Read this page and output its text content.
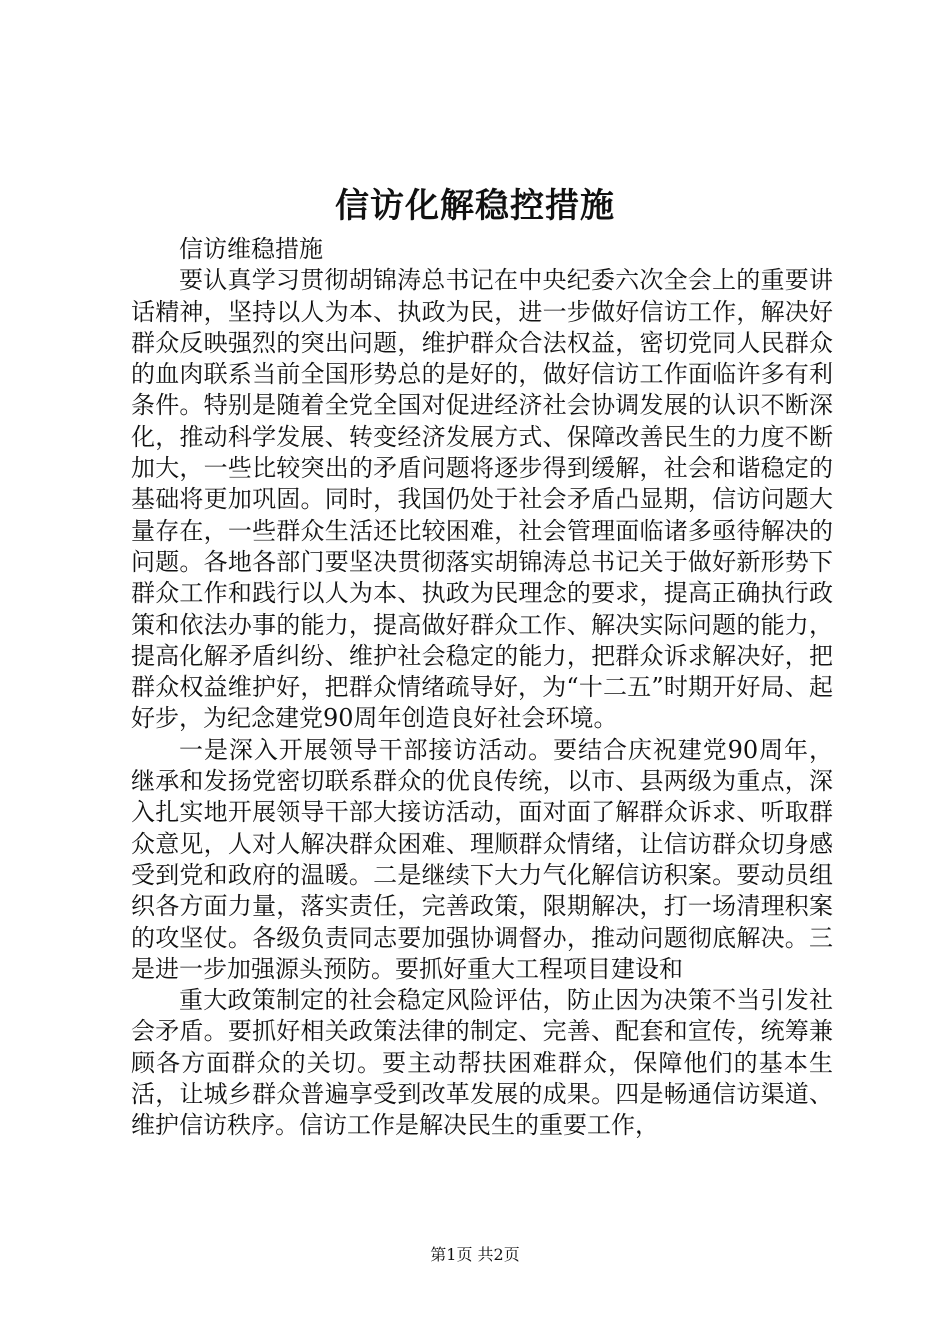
信访化解稳控措施

信访维稳措施

要认真学习贯彻胡锦涛总书记在中央纪委六次全会上的重要讲话精神，坚持以人为本、执政为民，进一步做好信访工作，解决好群众反映强烈的突出问题，维护群众合法权益，密切党同人民群众的血肉联系当前全国形势总的是好的，做好信访工作面临许多有利条件。特别是随着全党全国对促进经济社会协调发展的认识不断深化，推动科学发展、转变经济发展方式、保障改善民生的力度不断加大，一些比较突出的矛盾问题将逐步得到缓解，社会和谐稳定的基础将更加巩固。同时，我国仍处于社会矛盾凸显期，信访问题大量存在，一些群众生活还比较困难，社会管理面临诸多亟待解决的问题。各地各部门要坚决贯彻落实胡锦涛总书记关于做好新形势下群众工作和践行以人为本、执政为民理念的要求，提高正确执行政策和依法办事的能力，提高做好群众工作、解决实际问题的能力，提高化解矛盾纠纷、维护社会稳定的能力，把群众诉求解决好，把群众权益维护好，把群众情绪疏导好，为“十二五”时期开好局、起好步，为纪念建党90周年创造良好社会环境。

一是深入开展领导干部接访活动。要结合庆祝建党90周年，继承和发扬党密切联系群众的优良传统，以市、县两级为重点，深入扎实地开展领导干部大接访活动，面对面了解群众诉求、听取群众意见，人对人解决群众困难、理顺群众情绪，让信访群众切身感受到党和政府的温暖。二是继续下大力气化解信访积案。要动员组织各方面力量，落实责任，完善政策，限期解决，打一场清理积案的攻坚仗。各级负责同志要加强协调督办，推动问题彻底解决。三是进一步加强源头预防。要抓好重大工程项目建设和

重大政策制定的社会稳定风险评估，防止因为决策不当引发社会矛盾。要抓好相关政策法律的制定、完善、配套和宣传，统筹兼顾各方面群众的关切。要主动帮扶困难群众，保障他们的基本生活，让城乡群众普遍享受到改革发展的成果。四是畅通信访渠道、维护信访秩序。信访工作是解决民生的重要工作，

第1页 共2页
